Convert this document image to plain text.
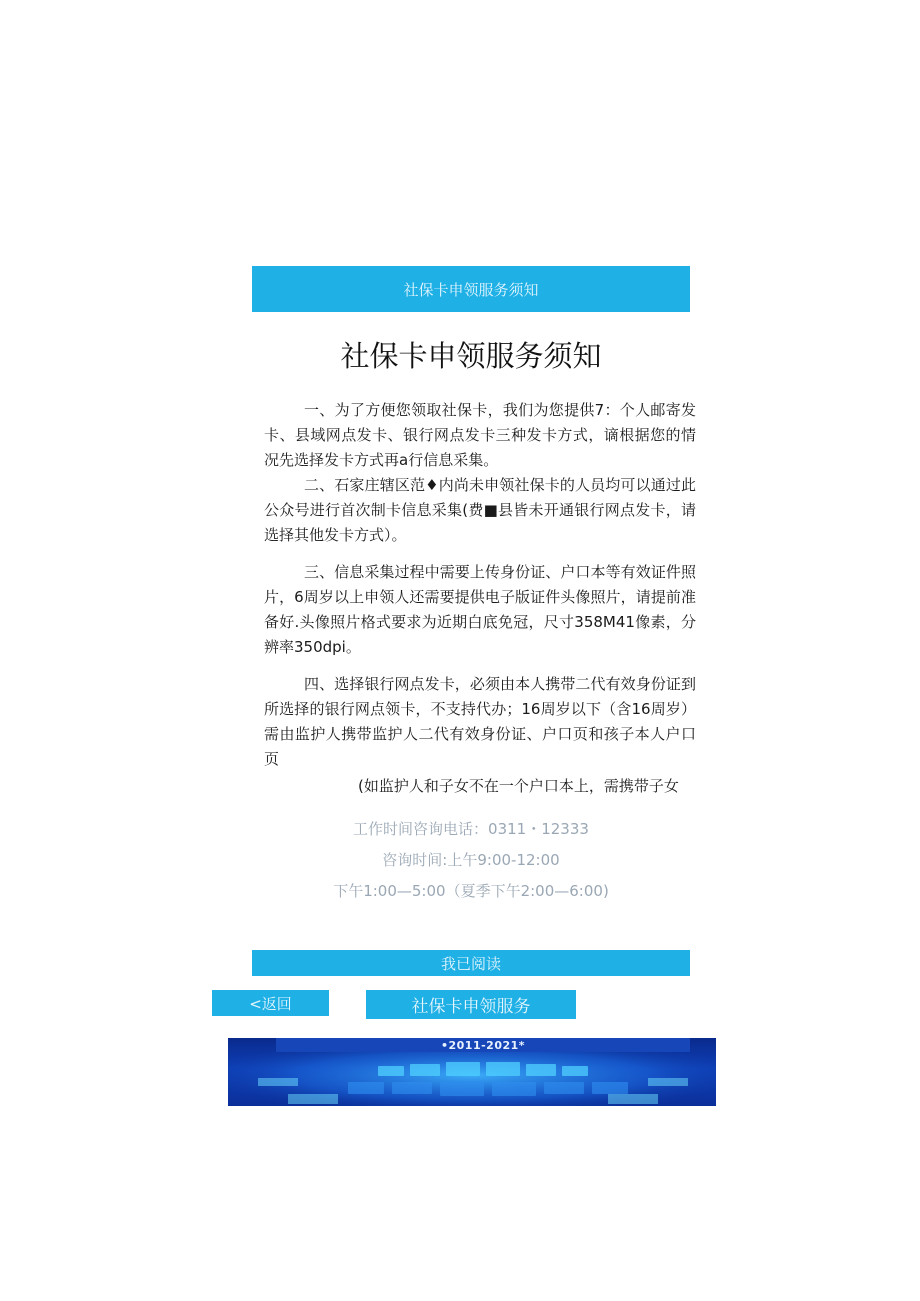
社保卡申领服务须知
社保卡申领服务须知

一、为了方便您领取社保卡，我们为您提供7：个人邮寄发卡、县域网点发卡、银行网点发卡三种发卡方式，谪根据您的情况先选择发卡方式再a行信息采集。

二、石家庄辖区范♦内尚未申领社保卡的人员均可以通过此公众号进行首次制卡信息采集(费■县皆未开通银行网点发卡，请选择其他发卡方式）。

三、信息采集过程中需要上传身份证、户口本等有效证件照片，6周岁以上申领人还需要提供电子版证件头像照片，请提前准备好.头像照片格式要求为近期白底免冠，尺寸358M41像素，分辨率350dpi。

四、选择银行网点发卡，必须由本人携带二代有效身份证到所选择的银行网点领卡，不支持代办；16周岁以下（含16周岁）需由监护人携带监护人二代有效身份证、户口页和孩子本人户口页

(如监护人和子女不在一个户口本上，需携带子女

工作时间咨询电话：0311・12333
咨询时间:上午9:00-12:00
下午1:00—5:00（夏季下午2:00—6:00)
我已阅读
<返回	社保卡申领服务
•2011-2021*
